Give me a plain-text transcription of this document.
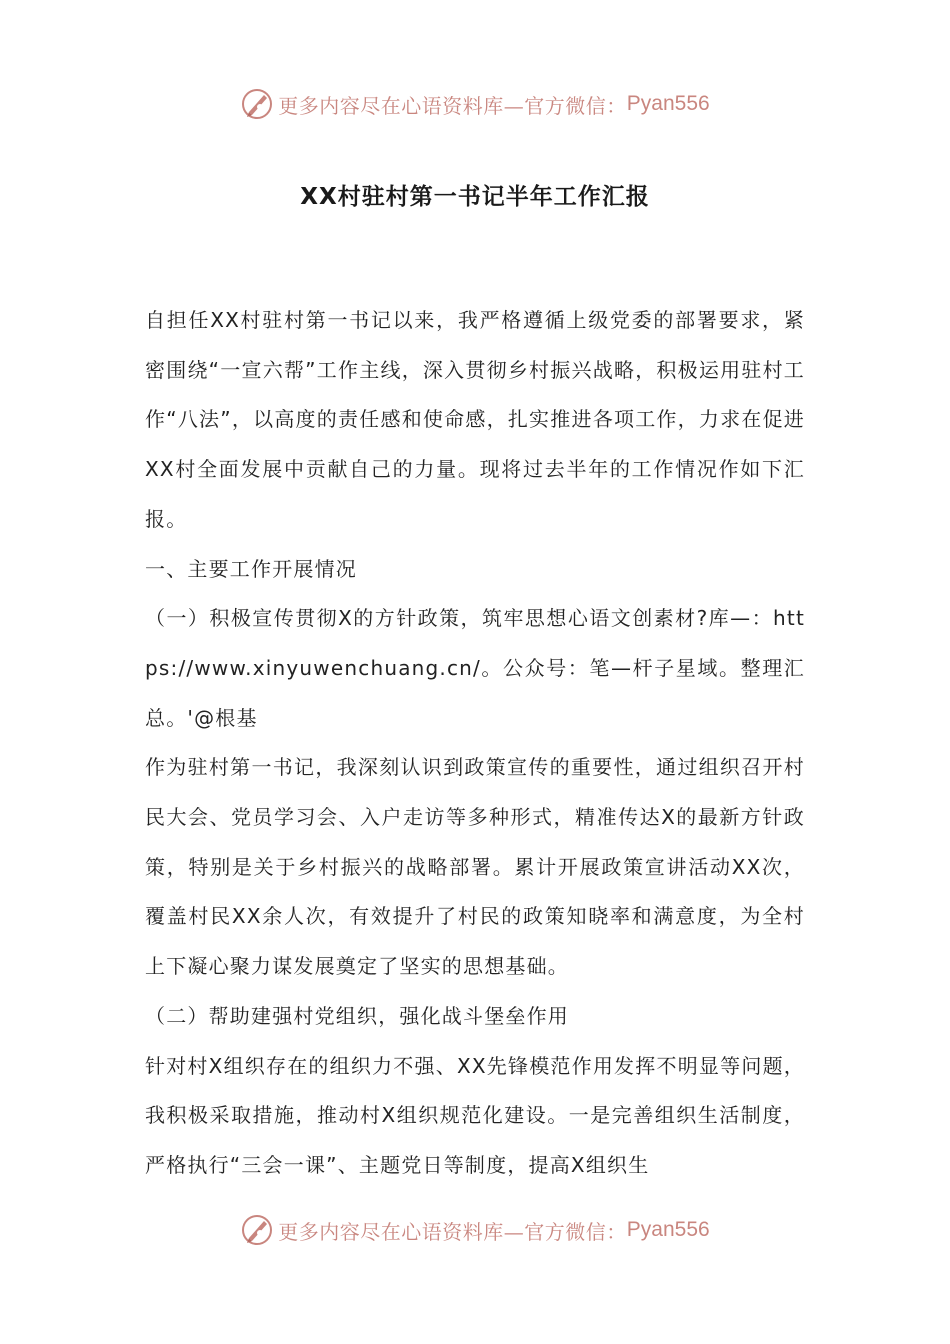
更多内容尽在心语资料库—官方微信： Pyan556
XX村驻村第一书记半年工作汇报

自担任XX村驻村第一书记以来，我严格遵循上级党委的部署要求，紧密围绕“一宣六帮”工作主线，深入贯彻乡村振兴战略，积极运用驻村工作“八法”，以高度的责任感和使命感，扎实推进各项工作，力求在促进XX村全面发展中贡献自己的力量。现将过去半年的工作情况作如下汇报。

一、主要工作开展情况

（一）积极宣传贯彻X的方针政策，筑牢思想心语文创素材?库—：https://www.xinyuwenchuang.cn/。公众号：笔—杆子星域。整理汇总。'@根基

作为驻村第一书记，我深刻认识到政策宣传的重要性，通过组织召开村民大会、党员学习会、入户走访等多种形式，精准传达X的最新方针政策，特别是关于乡村振兴的战略部署。累计开展政策宣讲活动XX次，覆盖村民XX余人次，有效提升了村民的政策知晓率和满意度，为全村上下凝心聚力谋发展奠定了坚实的思想基础。

（二）帮助建强村党组织，强化战斗堡垒作用

针对村X组织存在的组织力不强、XX先锋模范作用发挥不明显等问题，我积极采取措施，推动村X组织规范化建设。一是完善组织生活制度，严格执行“三会一课”、主题党日等制度，提高X组织生

更多内容尽在心语资料库—官方微信： Pyan556
